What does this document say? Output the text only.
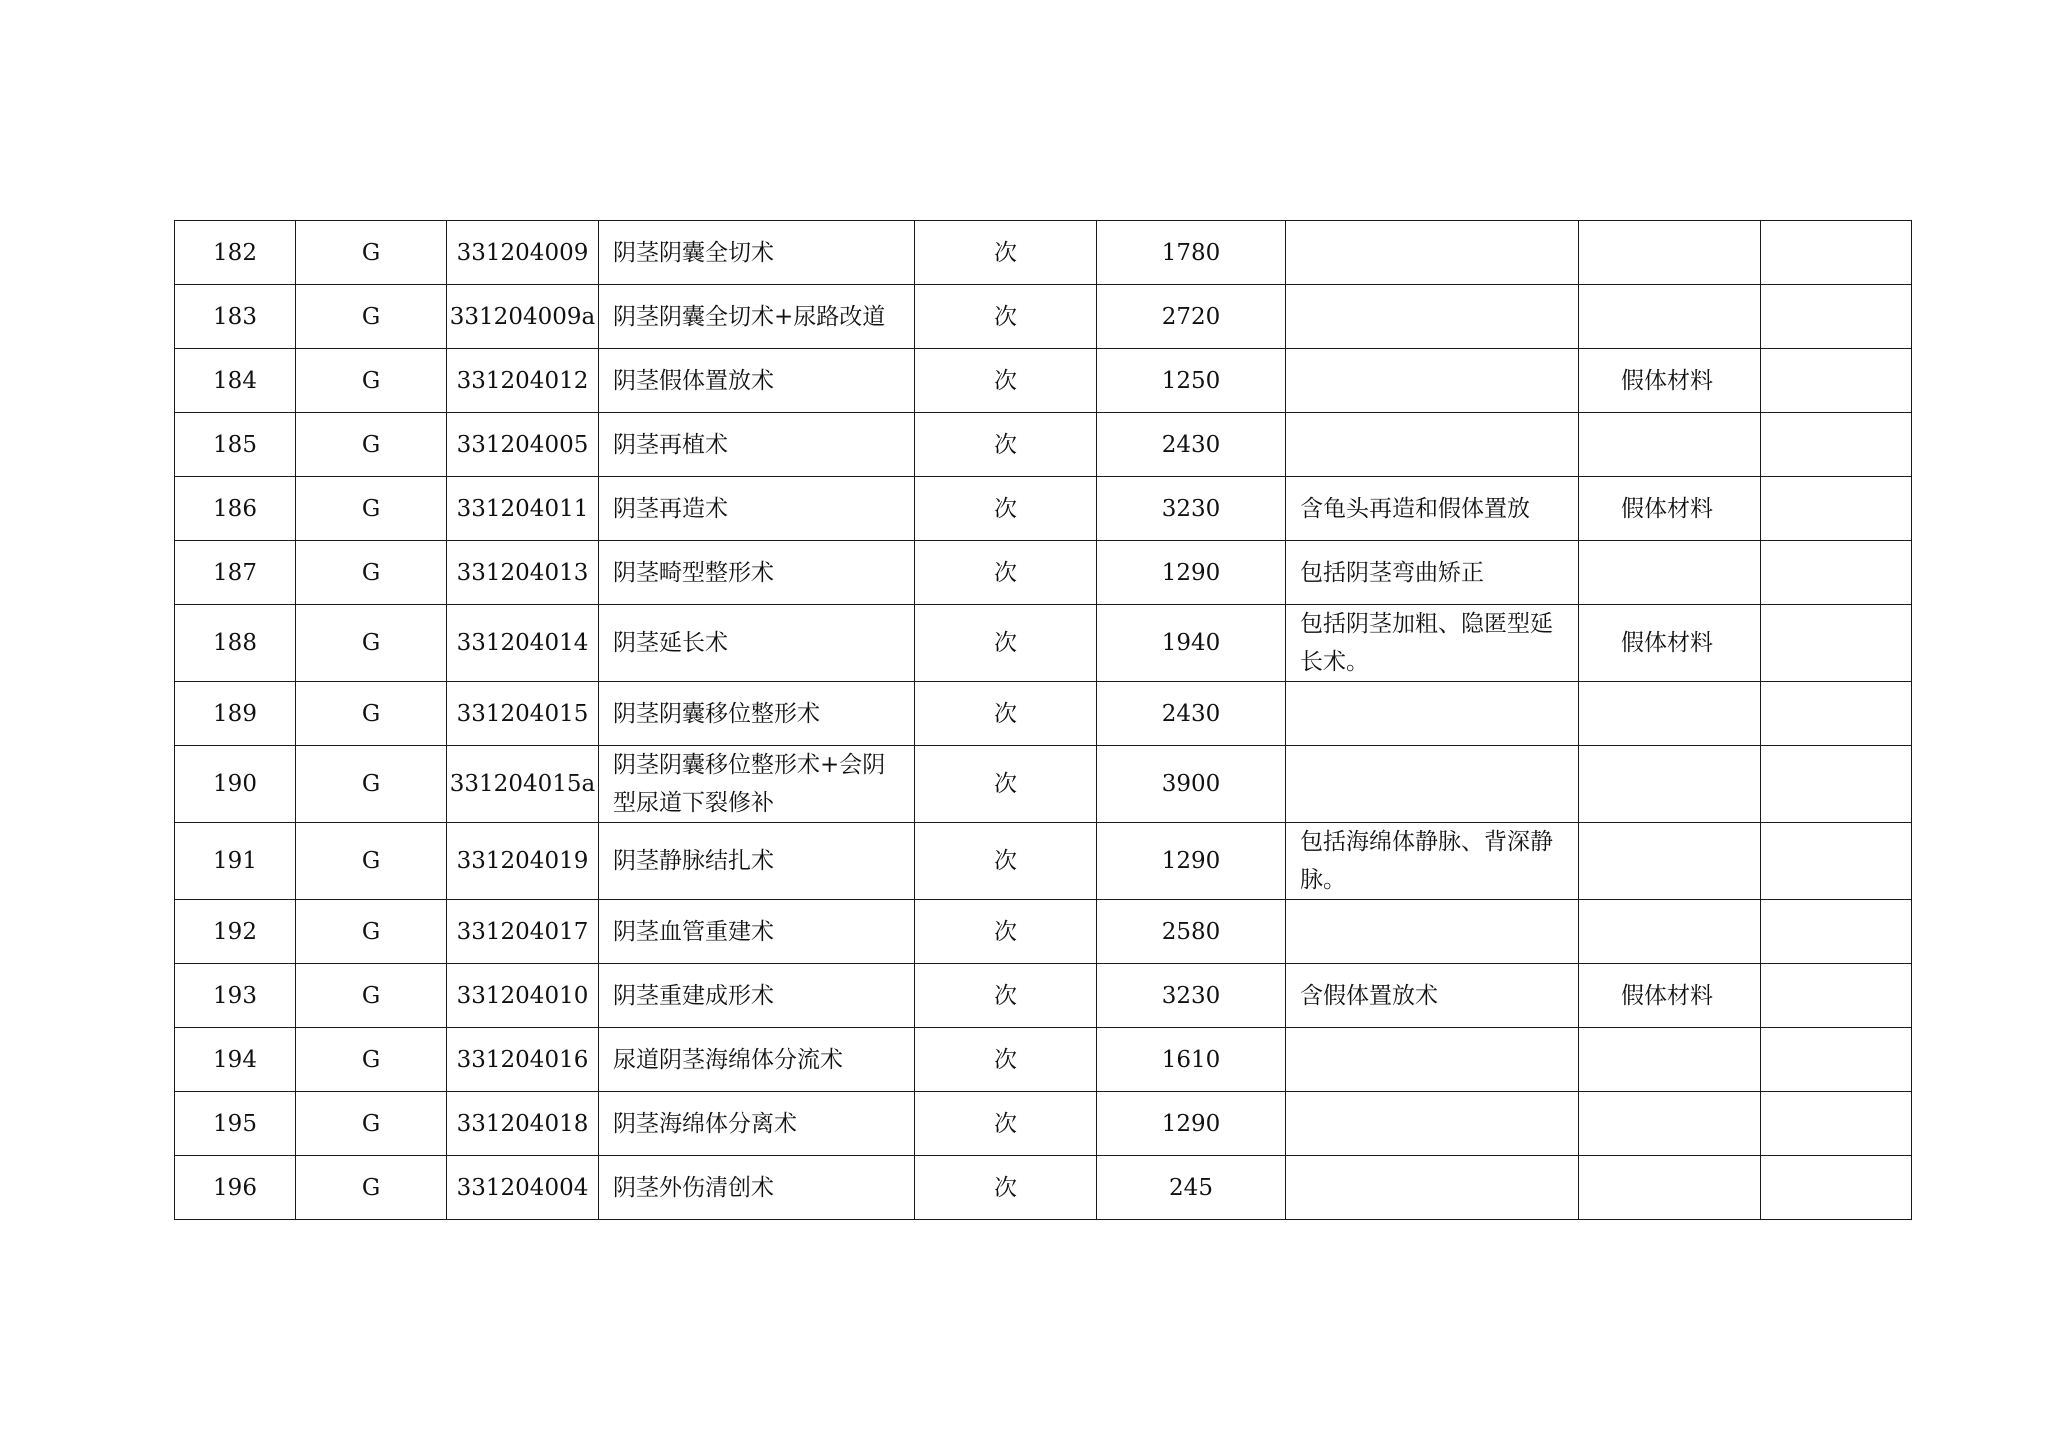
182	G	331204009	阴茎阴囊全切术	次	1780			
183	G	331204009a	阴茎阴囊全切术+尿路改道	次	2720			
184	G	331204012	阴茎假体置放术	次	1250		假体材料	
185	G	331204005	阴茎再植术	次	2430			
186	G	331204011	阴茎再造术	次	3230	含龟头再造和假体置放	假体材料	
187	G	331204013	阴茎畸型整形术	次	1290	包括阴茎弯曲矫正		
188	G	331204014	阴茎延长术	次	1940	包括阴茎加粗、隐匿型延长术。	假体材料	
189	G	331204015	阴茎阴囊移位整形术	次	2430			
190	G	331204015a	阴茎阴囊移位整形术+会阴型尿道下裂修补	次	3900			
191	G	331204019	阴茎静脉结扎术	次	1290	包括海绵体静脉、背深静脉。		
192	G	331204017	阴茎血管重建术	次	2580			
193	G	331204010	阴茎重建成形术	次	3230	含假体置放术	假体材料	
194	G	331204016	尿道阴茎海绵体分流术	次	1610			
195	G	331204018	阴茎海绵体分离术	次	1290			
196	G	331204004	阴茎外伤清创术	次	245			
